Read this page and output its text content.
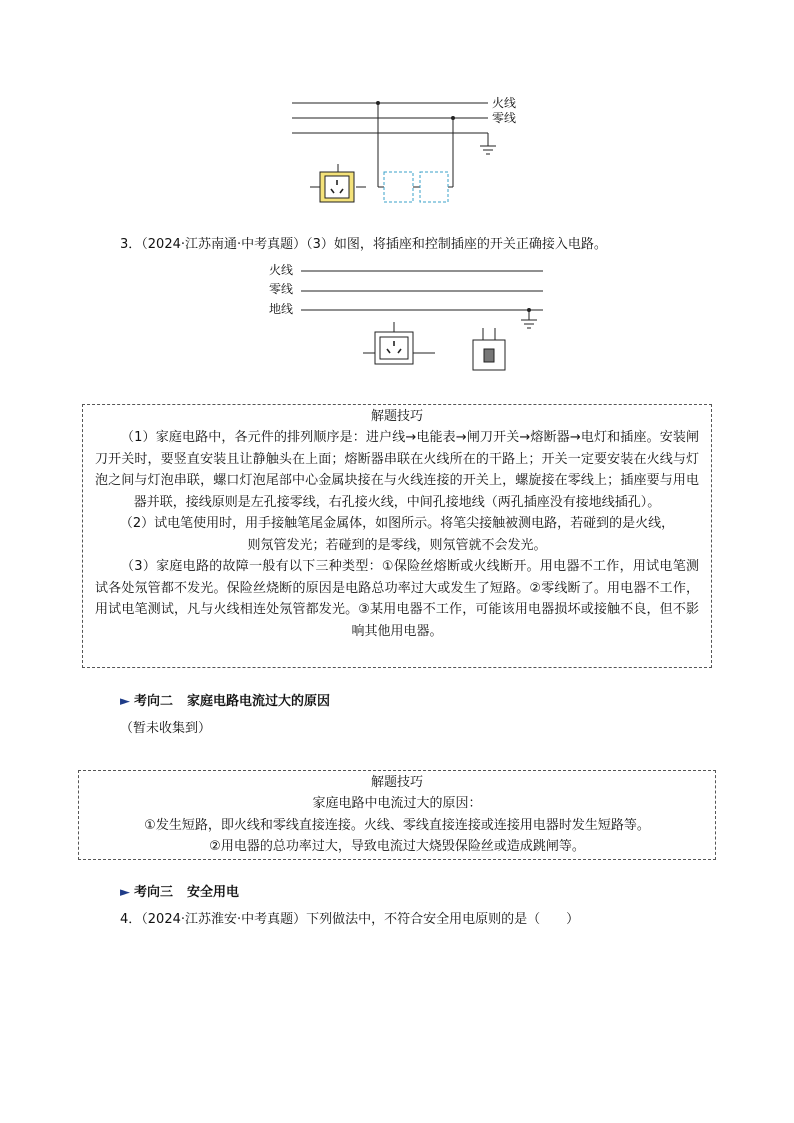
火线
零线
3．（2024·江苏南通·中考真题）（3）如图，将插座和控制插座的开关正确接入电路。
火线
零线
地线
解题技巧

（1）家庭电路中，各元件的排列顺序是：进户线→电能表→闸刀开关→熔断器→电灯和插座。安装闸刀开关时，要竖直安装且让静触头在上面；熔断器串联在火线所在的干路上；开关一定要安装在火线与灯泡之间与灯泡串联，螺口灯泡尾部中心金属块接在与火线连接的开关上，螺旋接在零线上；插座要与用电器并联，接线原则是左孔接零线，右孔接火线，中间孔接地线（两孔插座没有接地线插孔）。

（2）试电笔使用时，用手接触笔尾金属体，如图所示。将笔尖接触被测电路，若碰到的是火线，则氖管发光；若碰到的是零线，则氖管就不会发光。

（3）家庭电路的故障一般有以下三种类型：①保险丝熔断或火线断开。用电器不工作，用试电笔测试各处氖管都不发光。保险丝烧断的原因是电路总功率过大或发生了短路。②零线断了。用电器不工作，用试电笔测试，凡与火线相连处氖管都发光。③某用电器不工作，可能该用电器损坏或接触不良，但不影响其他用电器。

► 考向二 家庭电路电流过大的原因
（暂未收集到）
解题技巧

家庭电路中电流过大的原因：

①发生短路，即火线和零线直接连接。火线、零线直接连接或连接用电器时发生短路等。

②用电器的总功率过大，导致电流过大烧毁保险丝或造成跳闸等。

► 考向三 安全用电
4．（2024·江苏淮安·中考真题）下列做法中，不符合安全用电原则的是（　　）
